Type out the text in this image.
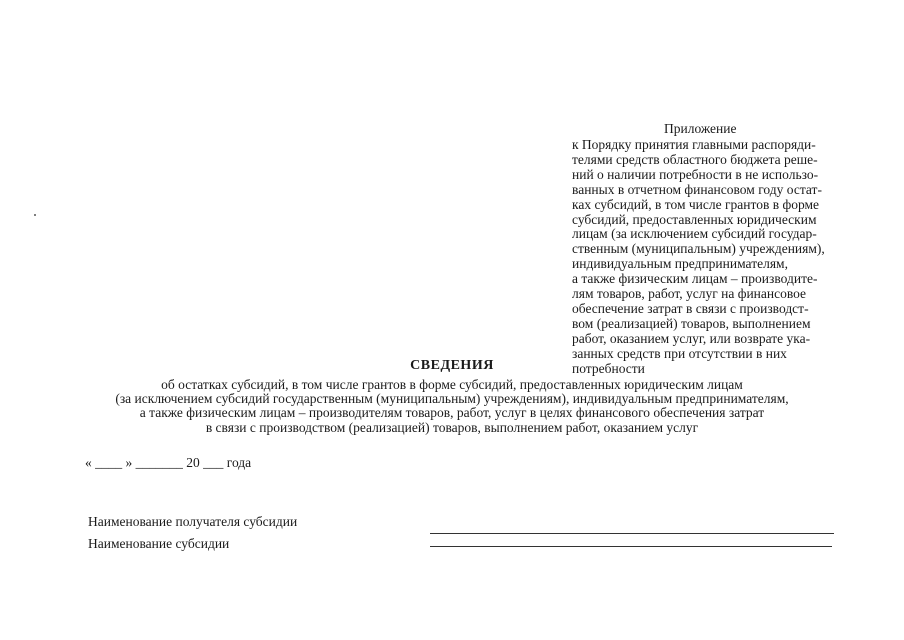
Приложение
к Порядку принятия главными распоряди-
телями средств областного бюджета реше-
ний о наличии потребности в не использо-
ванных в отчетном финансовом году остат-
ках субсидий, в том числе грантов в форме
субсидий, предоставленных юридическим
лицам (за исключением субсидий государ-
ственным (муниципальным) учреждениям),
индивидуальным предпринимателям,
а также физическим лицам – производите-
лям товаров, работ, услуг на финансовое
обеспечение затрат в связи с производст-
вом (реализацией) товаров, выполнением
работ, оказанием услуг, или возврате ука-
занных средств при отсутствии в них
потребности
СВЕДЕНИЯ
об остатках субсидий, в том числе грантов в форме субсидий, предоставленных юридическим лицам
(за исключением субсидий государственным (муниципальным) учреждениям), индивидуальным предпринимателям,
а также физическим лицам – производителям товаров, работ, услуг в целях финансового обеспечения затрат
в связи с производством (реализацией) товаров, выполнением работ, оказанием услуг
« ____ » _______ 20 ___ года
Наименование получателя субсидии
Наименование субсидии
